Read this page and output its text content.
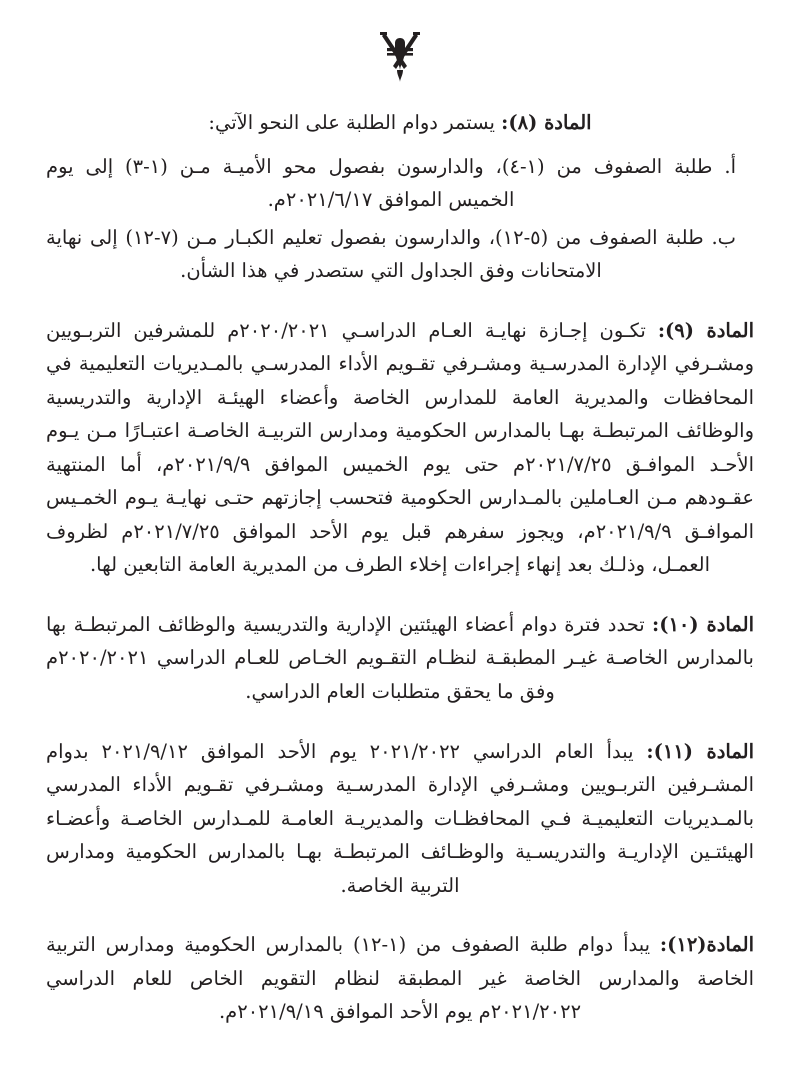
المادة (٨): يستمر دوام الطلبة على النحو الآتي:

أ. طلبة الصفوف من (١-٤)، والدارسون بفصول محو الأميـة مـن (١-٣) إلى يوم الخميس الموافق ٢٠٢١/٦/١٧م.
ب. طلبة الصفوف من (٥-١٢)، والدارسون بفصول تعليم الكبـار مـن (٧-١٢) إلى نهاية الامتحانات وفق الجداول التي ستصدر في هذا الشأن.

المادة (٩): تكـون إجـازة نهايـة العـام الدراسـي ٢٠٢٠/٢٠٢١م للمشرفين التربـويين ومشـرفي الإدارة المدرسـية ومشـرفي تقـويم الأداء المدرسـي بالمـديريات التعليمية في المحافظات والمديرية العامة للمدارس الخاصة وأعضاء الهيئـة الإدارية والتدريسية والوظائف المرتبطـة بهـا بالمدارس الحكومية ومدارس التربيـة الخاصـة اعتبـارًا مـن يـوم الأحـد الموافـق ٢٠٢١/٧/٢٥م حتى يوم الخميس الموافق ٢٠٢١/٩/٩م، أما المنتهية عقـودهم مـن العـاملين بالمـدارس الحكومية فتحسب إجازتهم حتـى نهايـة يـوم الخمـيس الموافـق ٢٠٢١/٩/٩م، ويجوز سفرهم قبل يوم الأحد الموافق ٢٠٢١/٧/٢٥م لظروف العمـل، وذلـك بعد إنهاء إجراءات إخلاء الطرف من المديرية العامة التابعين لها.

المادة (١٠): تحدد فترة دوام أعضاء الهيئتين الإدارية والتدريسية والوظائف المرتبطـة بها بالمدارس الخاصـة غيـر المطبقـة لنظـام التقـويم الخـاص للعـام الدراسي ٢٠٢٠/٢٠٢١م وفق ما يحقق متطلبات العام الدراسي.

المادة (١١): يبدأ العام الدراسي ٢٠٢١/٢٠٢٢ يوم الأحد الموافق ٢٠٢١/٩/١٢ بدوام المشـرفين التربـويين ومشـرفي الإدارة المدرسـية ومشـرفي تقـويم الأداء المدرسي بالمـديريات التعليميـة فـي المحافظـات والمديريـة العامـة للمـدارس الخاصـة وأعضـاء الهيئتـين الإداريـة والتدريسـية والوظـائف المرتبطـة بهـا بالمدارس الحكومية ومدارس التربية الخاصة.

المادة(١٢): يبدأ دوام طلبة الصفوف من (١-١٢) بالمدارس الحكومية ومدارس التربية الخاصة والمدارس الخاصة غير المطبقة لنظام التقويم الخاص للعام الدراسي ٢٠٢١/٢٠٢٢م يوم الأحد الموافق ٢٠٢١/٩/١٩م.
